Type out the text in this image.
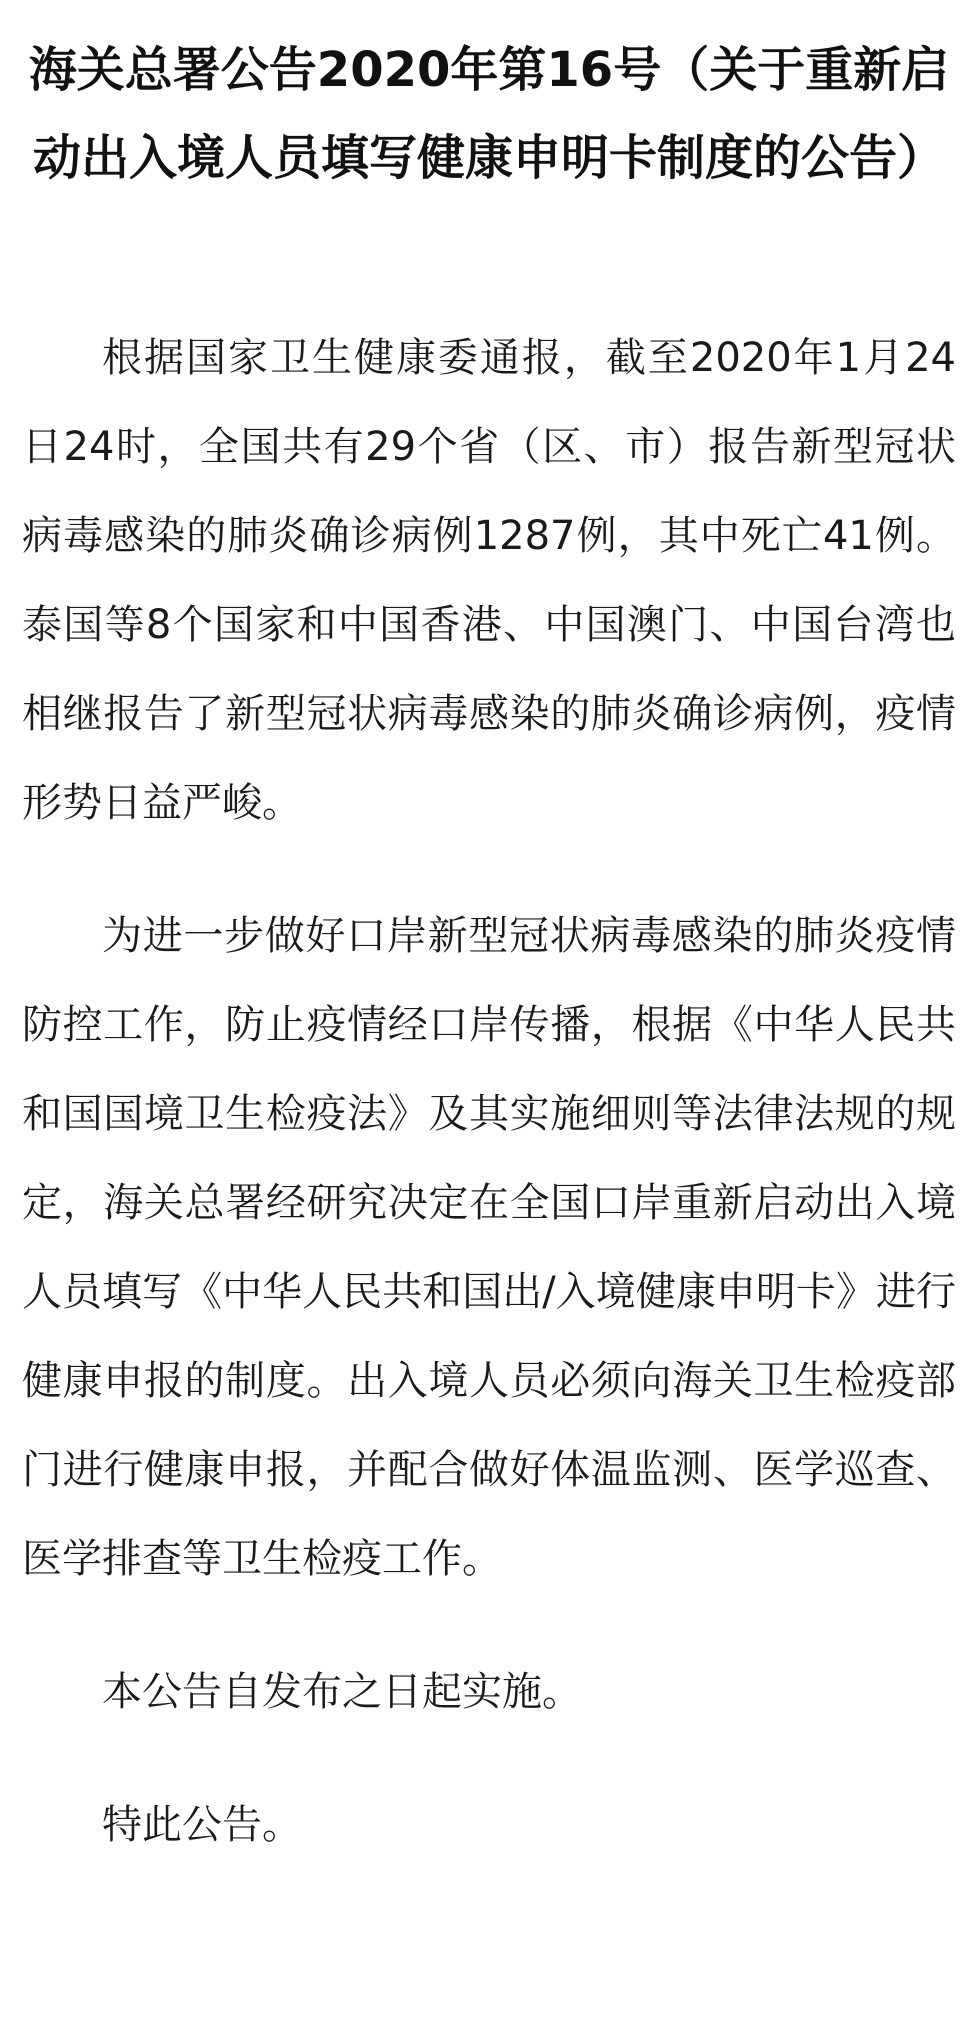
海关总署公告2020年第16号（关于重新启动出入境人员填写健康申明卡制度的公告）

根据国家卫生健康委通报，截至2020年1月24日24时，全国共有29个省（区、市）报告新型冠状病毒感染的肺炎确诊病例1287例，其中死亡41例。泰国等8个国家和中国香港、中国澳门、中国台湾也相继报告了新型冠状病毒感染的肺炎确诊病例，疫情形势日益严峻。

为进一步做好口岸新型冠状病毒感染的肺炎疫情防控工作，防止疫情经口岸传播，根据《中华人民共和国国境卫生检疫法》及其实施细则等法律法规的规定，海关总署经研究决定在全国口岸重新启动出入境人员填写《中华人民共和国出/入境健康申明卡》进行健康申报的制度。出入境人员必须向海关卫生检疫部门进行健康申报，并配合做好体温监测、医学巡查、医学排查等卫生检疫工作。

本公告自发布之日起实施。

特此公告。
